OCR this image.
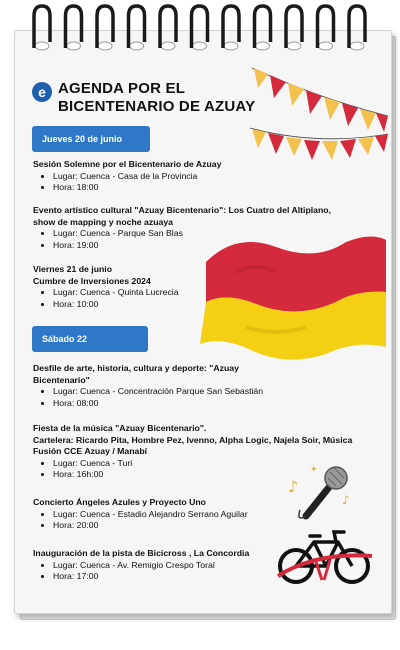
e AGENDA POR EL
BICENTENARIO DE AZUAY
Jueves 20 de junio
Sesión Solemne por el Bicentenario de Azuay
• Lugar: Cuenca - Casa de la Provincia
• Hora: 18:00
Evento artístico cultural "Azuay Bicentenario": Los Cuatro del Altiplano, show de mapping y noche azuaya
• Lugar: Cuenca - Parque San Blas
• Hora: 19:00
Viernes 21 de junio
Cumbre de Inversiones 2024
• Lugar: Cuenca - Quinta Lucrecia
• Hora: 10:00
Sábado 22
Desfile de arte, historia, cultura y deporte: "Azuay Bicentenario"
• Lugar: Cuenca - Concentración Parque San Sebastián
• Hora: 08:00
Fiesta de la música "Azuay Bicentenario".
Cartelera: Ricardo Pita, Hombre Pez, Ivenno, Alpha Logic, Najela Soir, Música Fusión CCE Azuay / Manabí
• Lugar: Cuenca - Turi
• Hora: 16h:00
Concierto Ángeles Azules y Proyecto Uno
• Lugar: Cuenca - Estadio Alejandro Serrano Aguilar
• Hora: 20:00
Inauguración de la pista de Bicicross , La Concordia
• Lugar: Cuenca - Av. Remigio Crespo Toral
• Hora: 17:00
♪
♪
✦
